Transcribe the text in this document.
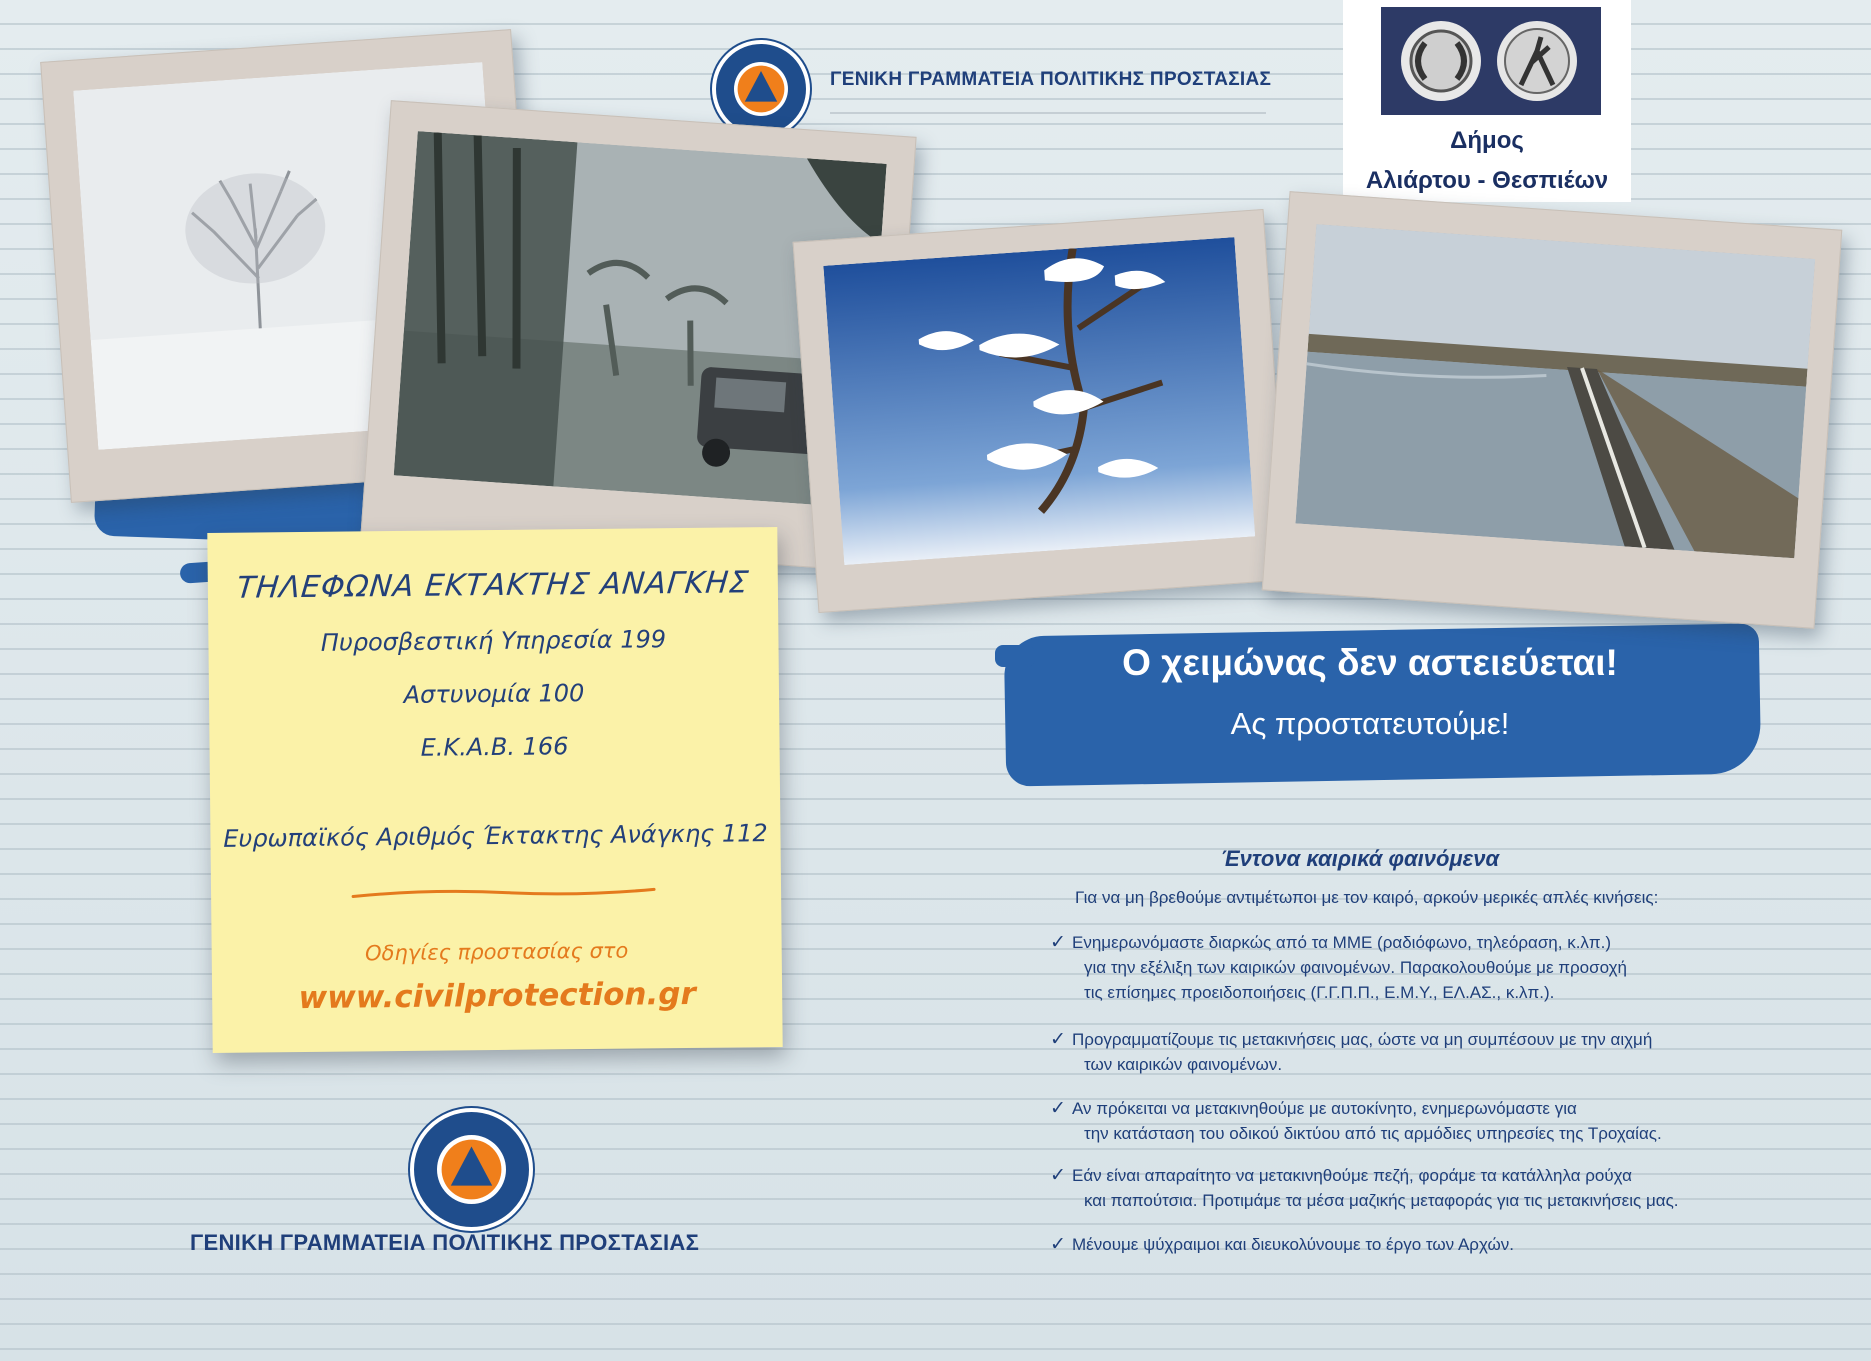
ΓΕΝΙΚΗ ΓΡΑΜΜΑΤΕΙΑ ΠΟΛΙΤΙΚΗΣ ΠΡΟΣΤΑΣΙΑΣ
Δήμος
Αλιάρτου - Θεσπιέων
ΤΗΛΕΦΩΝΑ ΕΚΤΑΚΤΗΣ ΑΝΑΓΚΗΣ
Πυροσβεστική Υπηρεσία 199
Αστυνομία 100
Ε.Κ.Α.Β. 166
Ευρωπαϊκός Αριθμός Έκτακτης Ανάγκης 112
Οδηγίες προστασίας στο
www.civilprotection.gr
Ο χειμώνας δεν αστειεύεται!
Ας προστατευτούμε!
Έντονα καιρικά φαινόμενα
Για να μη βρεθούμε αντιμέτωποι με τον καιρό, αρκούν μερικές απλές κινήσεις:
✓ Ενημερωνόμαστε διαρκώς από τα ΜΜΕ (ραδιόφωνο, τηλεόραση, κ.λπ.)
για την εξέλιξη των καιρικών φαινομένων. Παρακολουθούμε με προσοχή
τις επίσημες προειδοποιήσεις (Γ.Γ.Π.Π., Ε.Μ.Υ., ΕΛ.ΑΣ., κ.λπ.).
✓ Προγραμματίζουμε τις μετακινήσεις μας, ώστε να μη συμπέσουν με την αιχμή
των καιρικών φαινομένων.
✓ Αν πρόκειται να μετακινηθούμε με αυτοκίνητο, ενημερωνόμαστε για
την κατάσταση του οδικού δικτύου από τις αρμόδιες υπηρεσίες της Τροχαίας.
✓ Εάν είναι απαραίτητο να μετακινηθούμε πεζή, φοράμε τα κατάλληλα ρούχα
και παπούτσια. Προτιμάμε τα μέσα μαζικής μεταφοράς για τις μετακινήσεις μας.
✓ Μένουμε ψύχραιμοι και διευκολύνουμε το έργο των Αρχών.
ΓΕΝΙΚΗ ΓΡΑΜΜΑΤΕΙΑ ΠΟΛΙΤΙΚΗΣ ΠΡΟΣΤΑΣΙΑΣ
